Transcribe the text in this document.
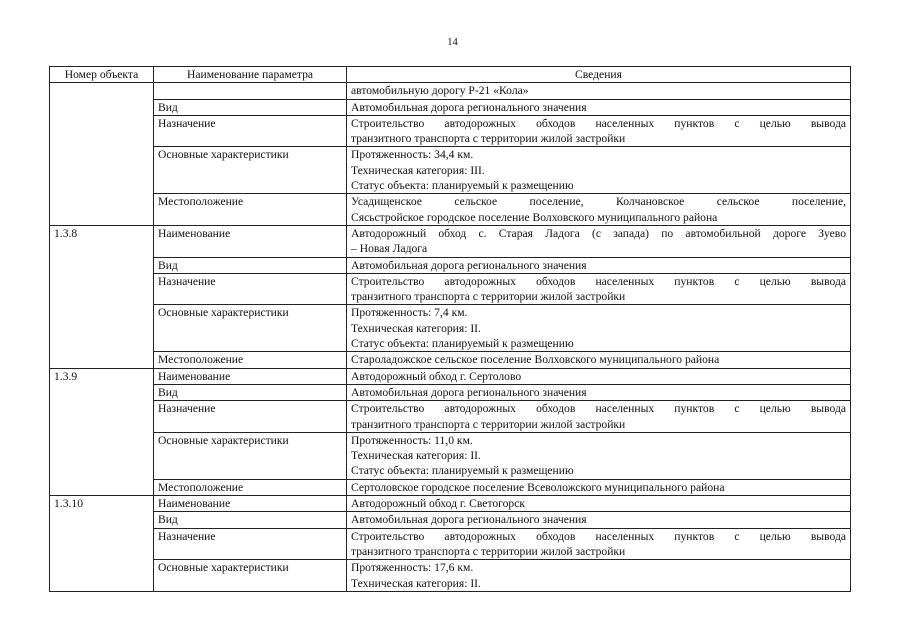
14
Номер объекта	Наименование параметра	Сведения
		автомобильную дорогу Р-21 «Кола»
	Вид	Автомобильная дорога регионального значения

	Назначение	Строительство автодорожных обходов населенных пунктов с целью вывода
транзитного транспорта с территории жилой застройки

	Основные характеристики	Протяженность: 34,4 км.
Техническая категория: III.
Статус объекта: планируемый к размещению

	Местоположение	Усадищенское сельское поселение, Колчановское сельское поселение,
Сясьстройское городское поселение Волховского муниципального района

1.3.8	Наименование	Автодорожный обход с. Старая Ладога (с запада) по автомобильной дороге Зуево
– Новая Ладога

	Вид	Автомобильная дорога регионального значения

	Назначение	Строительство автодорожных обходов населенных пунктов с целью вывода
транзитного транспорта с территории жилой застройки

	Основные характеристики	Протяженность: 7,4 км.
Техническая категория: II.
Статус объекта: планируемый к размещению

	Местоположение	Староладожское сельское поселение Волховского муниципального района

1.3.9	Наименование	Автодорожный обход г. Сертолово

	Вид	Автомобильная дорога регионального значения

	Назначение	Строительство автодорожных обходов населенных пунктов с целью вывода
транзитного транспорта с территории жилой застройки

	Основные характеристики	Протяженность: 11,0 км.
Техническая категория: II.
Статус объекта: планируемый к размещению

	Местоположение	Сертоловское городское поселение Всеволожского муниципального района

1.3.10	Наименование	Автодорожный обход г. Светогорск

	Вид	Автомобильная дорога регионального значения

	Назначение	Строительство автодорожных обходов населенных пунктов с целью вывода
транзитного транспорта с территории жилой застройки

	Основные характеристики	Протяженность: 17,6 км.
Техническая категория: II.
